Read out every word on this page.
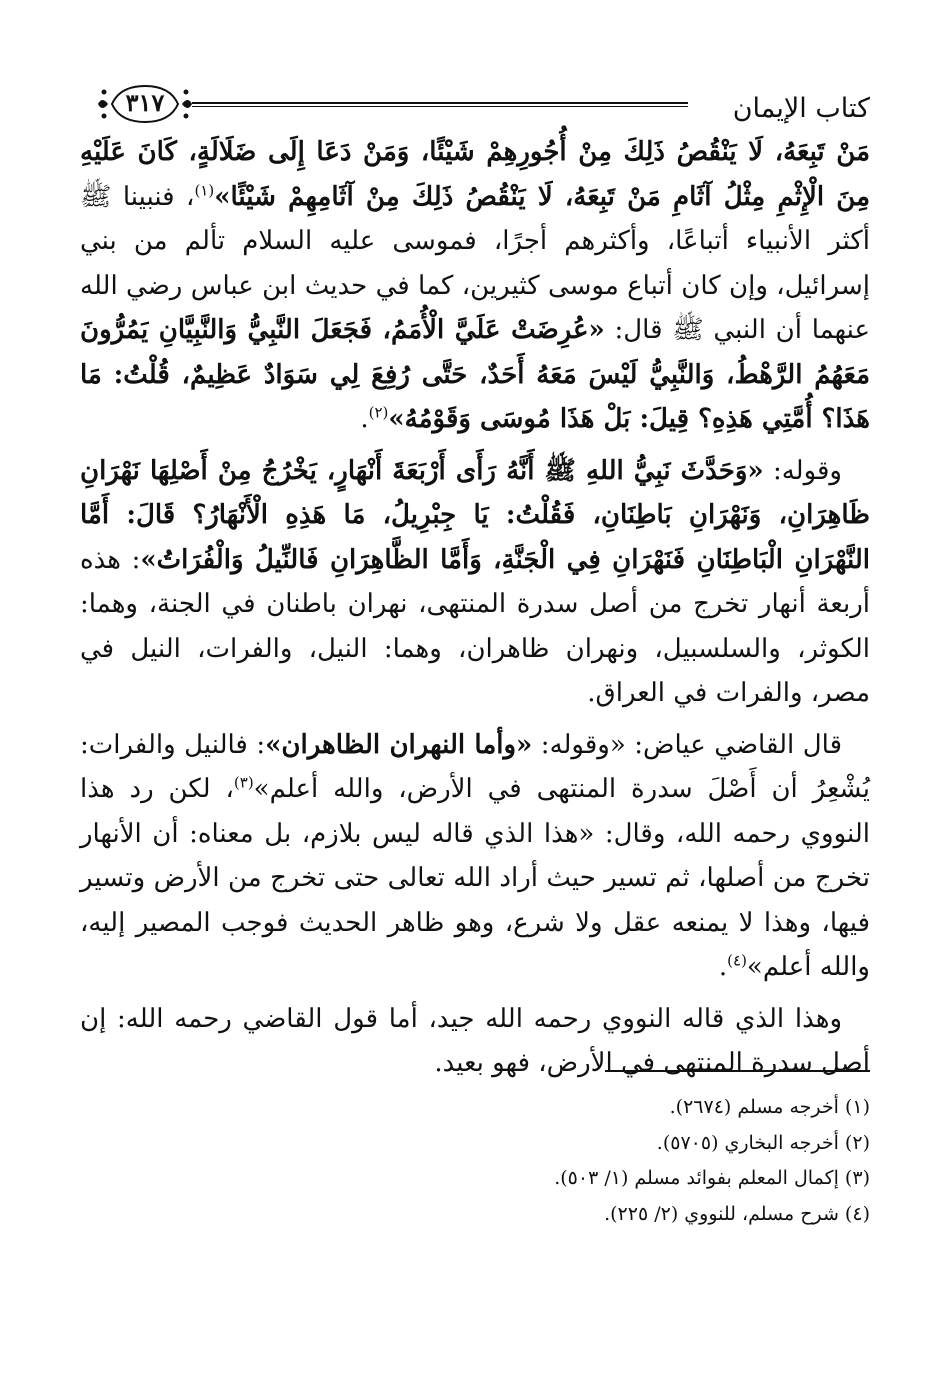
كتاب الإيمان
٣١٧

مَنْ تَبِعَهُ، لَا يَنْقُصُ ذَلِكَ مِنْ أُجُورِهِمْ شَيْئًا، وَمَنْ دَعَا إِلَى ضَلَالَةٍ، كَانَ عَلَيْهِ مِنَ الْإِثْمِ مِثْلُ آثَامِ مَنْ تَبِعَهُ، لَا يَنْقُصُ ذَلِكَ مِنْ آثَامِهِمْ شَيْئًا»$^{(١)}$، فنبينا ﷺ أكثر الأنبياء أتباعًا، وأكثرهم أجرًا، فموسى عليه السلام تألم من بني إسرائيل، وإن كان أتباع موسى كثيرين، كما في حديث ابن عباس رضي الله عنهما أن النبي ﷺ قال: «عُرِضَتْ عَلَيَّ الْأُمَمُ، فَجَعَلَ النَّبِيُّ وَالنَّبِيَّانِ يَمُرُّونَ مَعَهُمُ الرَّهْطُ، وَالنَّبِيُّ لَيْسَ مَعَهُ أَحَدٌ، حَتَّى رُفِعَ لِي سَوَادٌ عَظِيمٌ، قُلْتُ: مَا هَذَا؟ أُمَّتِي هَذِهِ؟ قِيلَ: بَلْ هَذَا مُوسَى وَقَوْمُهُ»$^{(٢)}$.

وقوله: «وَحَدَّثَ نَبِيُّ اللهِ ﷺ أَنَّهُ رَأَى أَرْبَعَةَ أَنْهَارٍ، يَخْرُجُ مِنْ أَصْلِهَا نَهْرَانِ ظَاهِرَانِ، وَنَهْرَانِ بَاطِنَانِ، فَقُلْتُ: يَا جِبْرِيلُ، مَا هَذِهِ الْأَنْهَارُ؟ قَالَ: أَمَّا النَّهْرَانِ الْبَاطِنَانِ فَنَهْرَانِ فِي الْجَنَّةِ، وَأَمَّا الظَّاهِرَانِ فَالنِّيلُ وَالْفُرَاتُ»: هذه أربعة أنهار تخرج من أصل سدرة المنتهى، نهران باطنان في الجنة، وهما: الكوثر، والسلسبيل، ونهران ظاهران، وهما: النيل، والفرات، النيل في مصر، والفرات في العراق.

قال القاضي عياض: «وقوله: «وأما النهران الظاهران»: فالنيل والفرات: يُشْعِرُ أن أَصْلَ سدرة المنتهى في الأرض، والله أعلم»$^{(٣)}$، لكن رد هذا النووي رحمه الله، وقال: «هذا الذي قاله ليس بلازم، بل معناه: أن الأنهار تخرج من أصلها، ثم تسير حيث أراد الله تعالى حتى تخرج من الأرض وتسير فيها، وهذا لا يمنعه عقل ولا شرع، وهو ظاهر الحديث فوجب المصير إليه، والله أعلم»$^{(٤)}$.

وهذا الذي قاله النووي رحمه الله جيد، أما قول القاضي رحمه الله: إن أصل سدرة المنتهى في الأرض، فهو بعيد.

(١) أخرجه مسلم (٢٦٧٤).

(٢) أخرجه البخاري (٥٧٠٥).

(٣) إكمال المعلم بفوائد مسلم (١/ ٥٠٣).

(٤) شرح مسلم، للنووي (٢/ ٢٢٥).
